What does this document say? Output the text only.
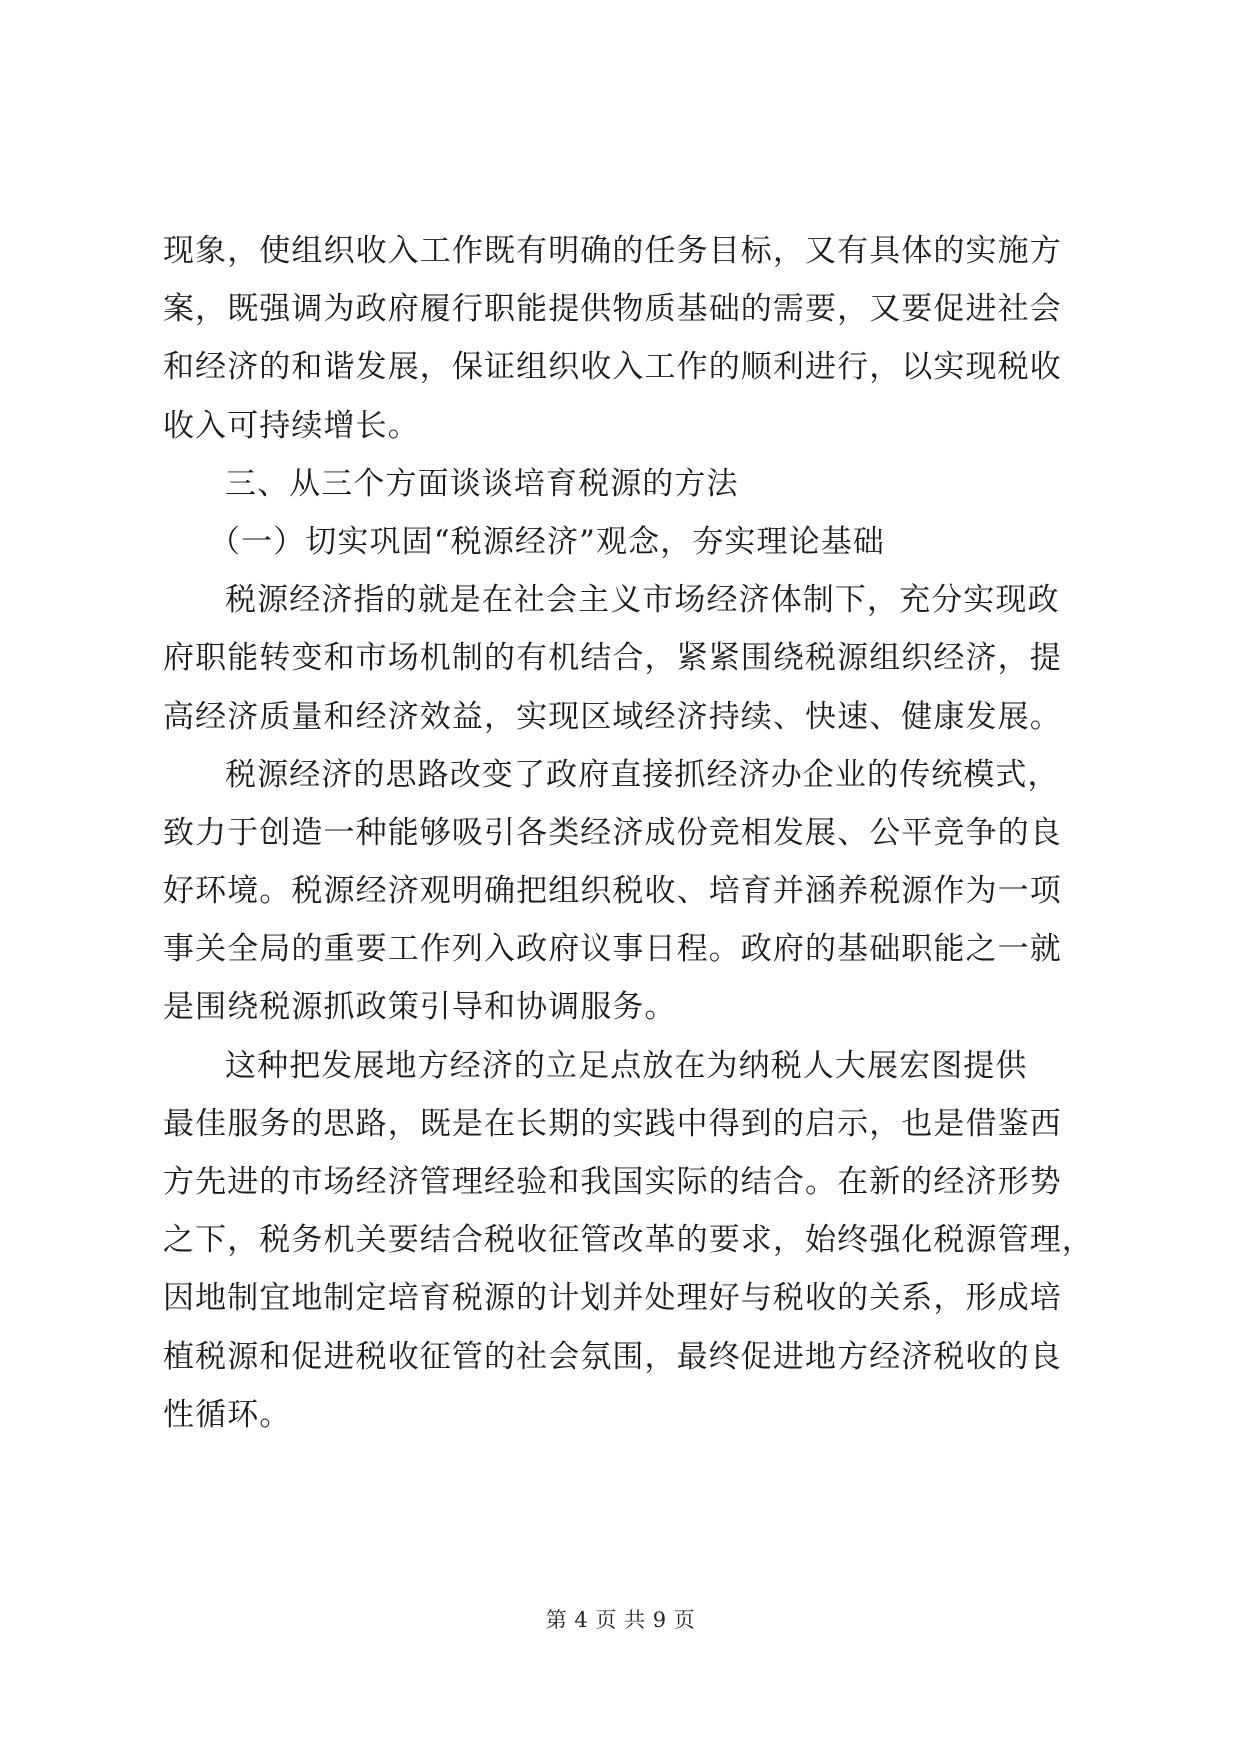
现象，使组织收入工作既有明确的任务目标，又有具体的实施方
案，既强调为政府履行职能提供物质基础的需要，又要促进社会
和经济的和谐发展，保证组织收入工作的顺利进行，以实现税收
收入可持续增长。
三、从三个方面谈谈培育税源的方法
（一）切实巩固“税源经济”观念，夯实理论基础
税源经济指的就是在社会主义市场经济体制下，充分实现政
府职能转变和市场机制的有机结合，紧紧围绕税源组织经济，提
高经济质量和经济效益，实现区域经济持续、快速、健康发展。
税源经济的思路改变了政府直接抓经济办企业的传统模式，
致力于创造一种能够吸引各类经济成份竞相发展、公平竞争的良
好环境。税源经济观明确把组织税收、培育并涵养税源作为一项
事关全局的重要工作列入政府议事日程。政府的基础职能之一就
是围绕税源抓政策引导和协调服务。
这种把发展地方经济的立足点放在为纳税人大展宏图提供
最佳服务的思路，既是在长期的实践中得到的启示，也是借鉴西
方先进的市场经济管理经验和我国实际的结合。在新的经济形势
之下，税务机关要结合税收征管改革的要求，始终强化税源管理，
因地制宜地制定培育税源的计划并处理好与税收的关系，形成培
植税源和促进税收征管的社会氛围，最终促进地方经济税收的良
性循环。
第 4 页 共 9 页
